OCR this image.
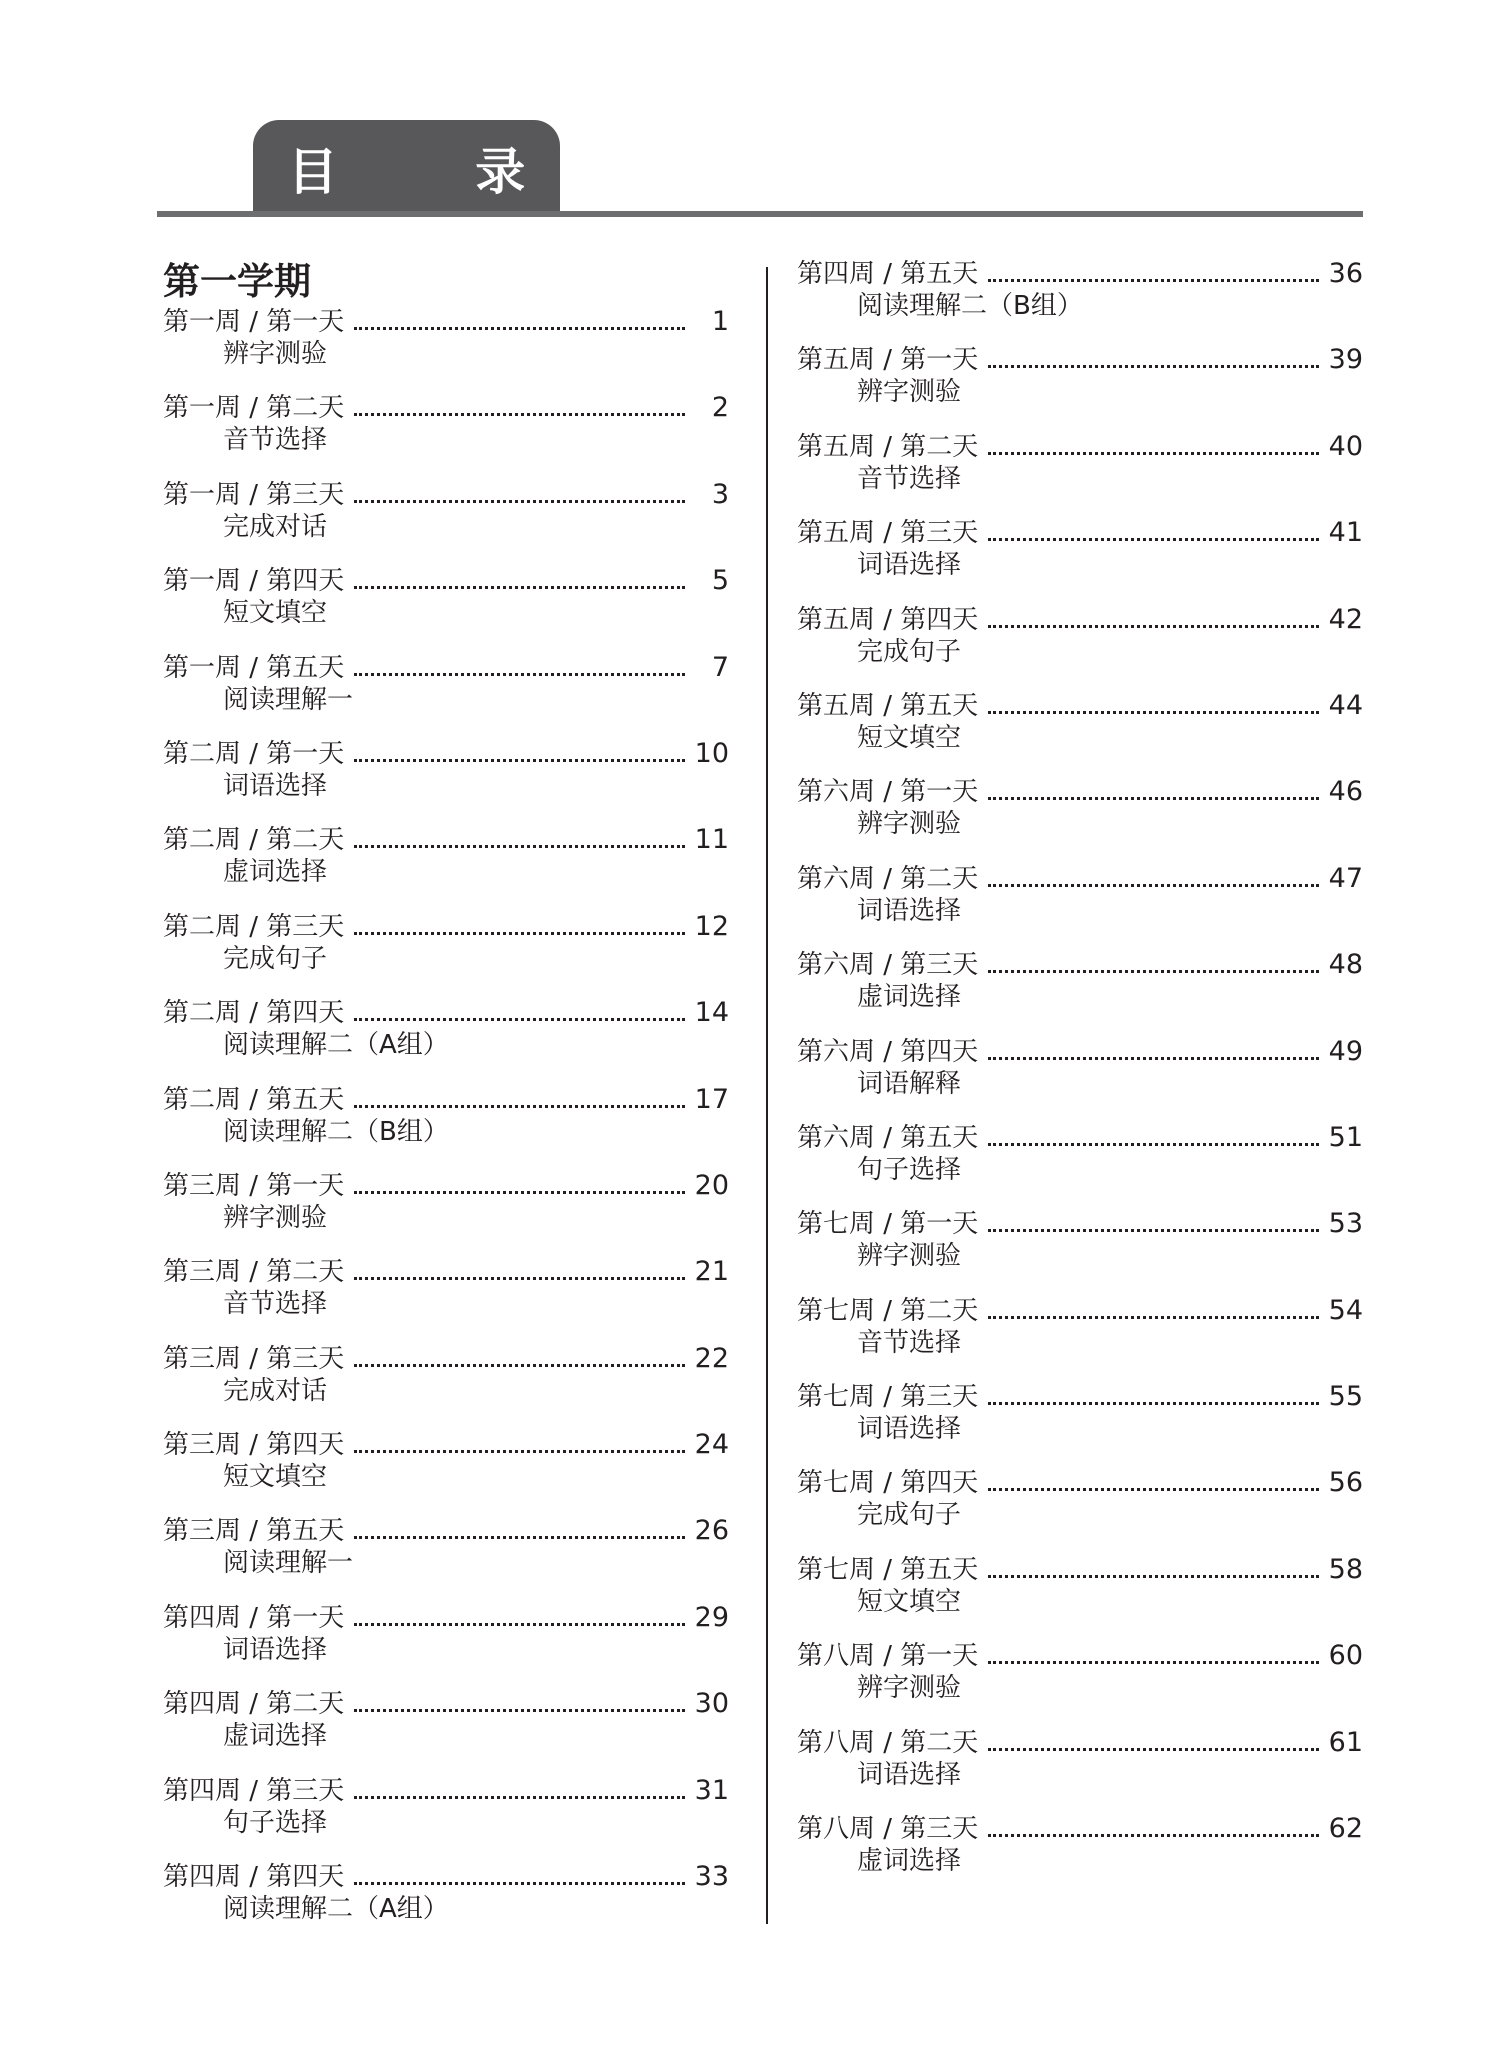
目 录
第一学期
第一周 / 第一天	1
辨字测验
第一周 / 第二天	2
音节选择
第一周 / 第三天	3
完成对话
第一周 / 第四天	5
短文填空
第一周 / 第五天	7
阅读理解一
第二周 / 第一天	10
词语选择
第二周 / 第二天	11
虚词选择
第二周 / 第三天	12
完成句子
第二周 / 第四天	14
阅读理解二（A组）
第二周 / 第五天	17
阅读理解二（B组）
第三周 / 第一天	20
辨字测验
第三周 / 第二天	21
音节选择
第三周 / 第三天	22
完成对话
第三周 / 第四天	24
短文填空
第三周 / 第五天	26
阅读理解一
第四周 / 第一天	29
词语选择
第四周 / 第二天	30
虚词选择
第四周 / 第三天	31
句子选择
第四周 / 第四天	33
阅读理解二（A组）
第四周 / 第五天	36
阅读理解二（B组）
第五周 / 第一天	39
辨字测验
第五周 / 第二天	40
音节选择
第五周 / 第三天	41
词语选择
第五周 / 第四天	42
完成句子
第五周 / 第五天	44
短文填空
第六周 / 第一天	46
辨字测验
第六周 / 第二天	47
词语选择
第六周 / 第三天	48
虚词选择
第六周 / 第四天	49
词语解释
第六周 / 第五天	51
句子选择
第七周 / 第一天	53
辨字测验
第七周 / 第二天	54
音节选择
第七周 / 第三天	55
词语选择
第七周 / 第四天	56
完成句子
第七周 / 第五天	58
短文填空
第八周 / 第一天	60
辨字测验
第八周 / 第二天	61
词语选择
第八周 / 第三天	62
虚词选择
